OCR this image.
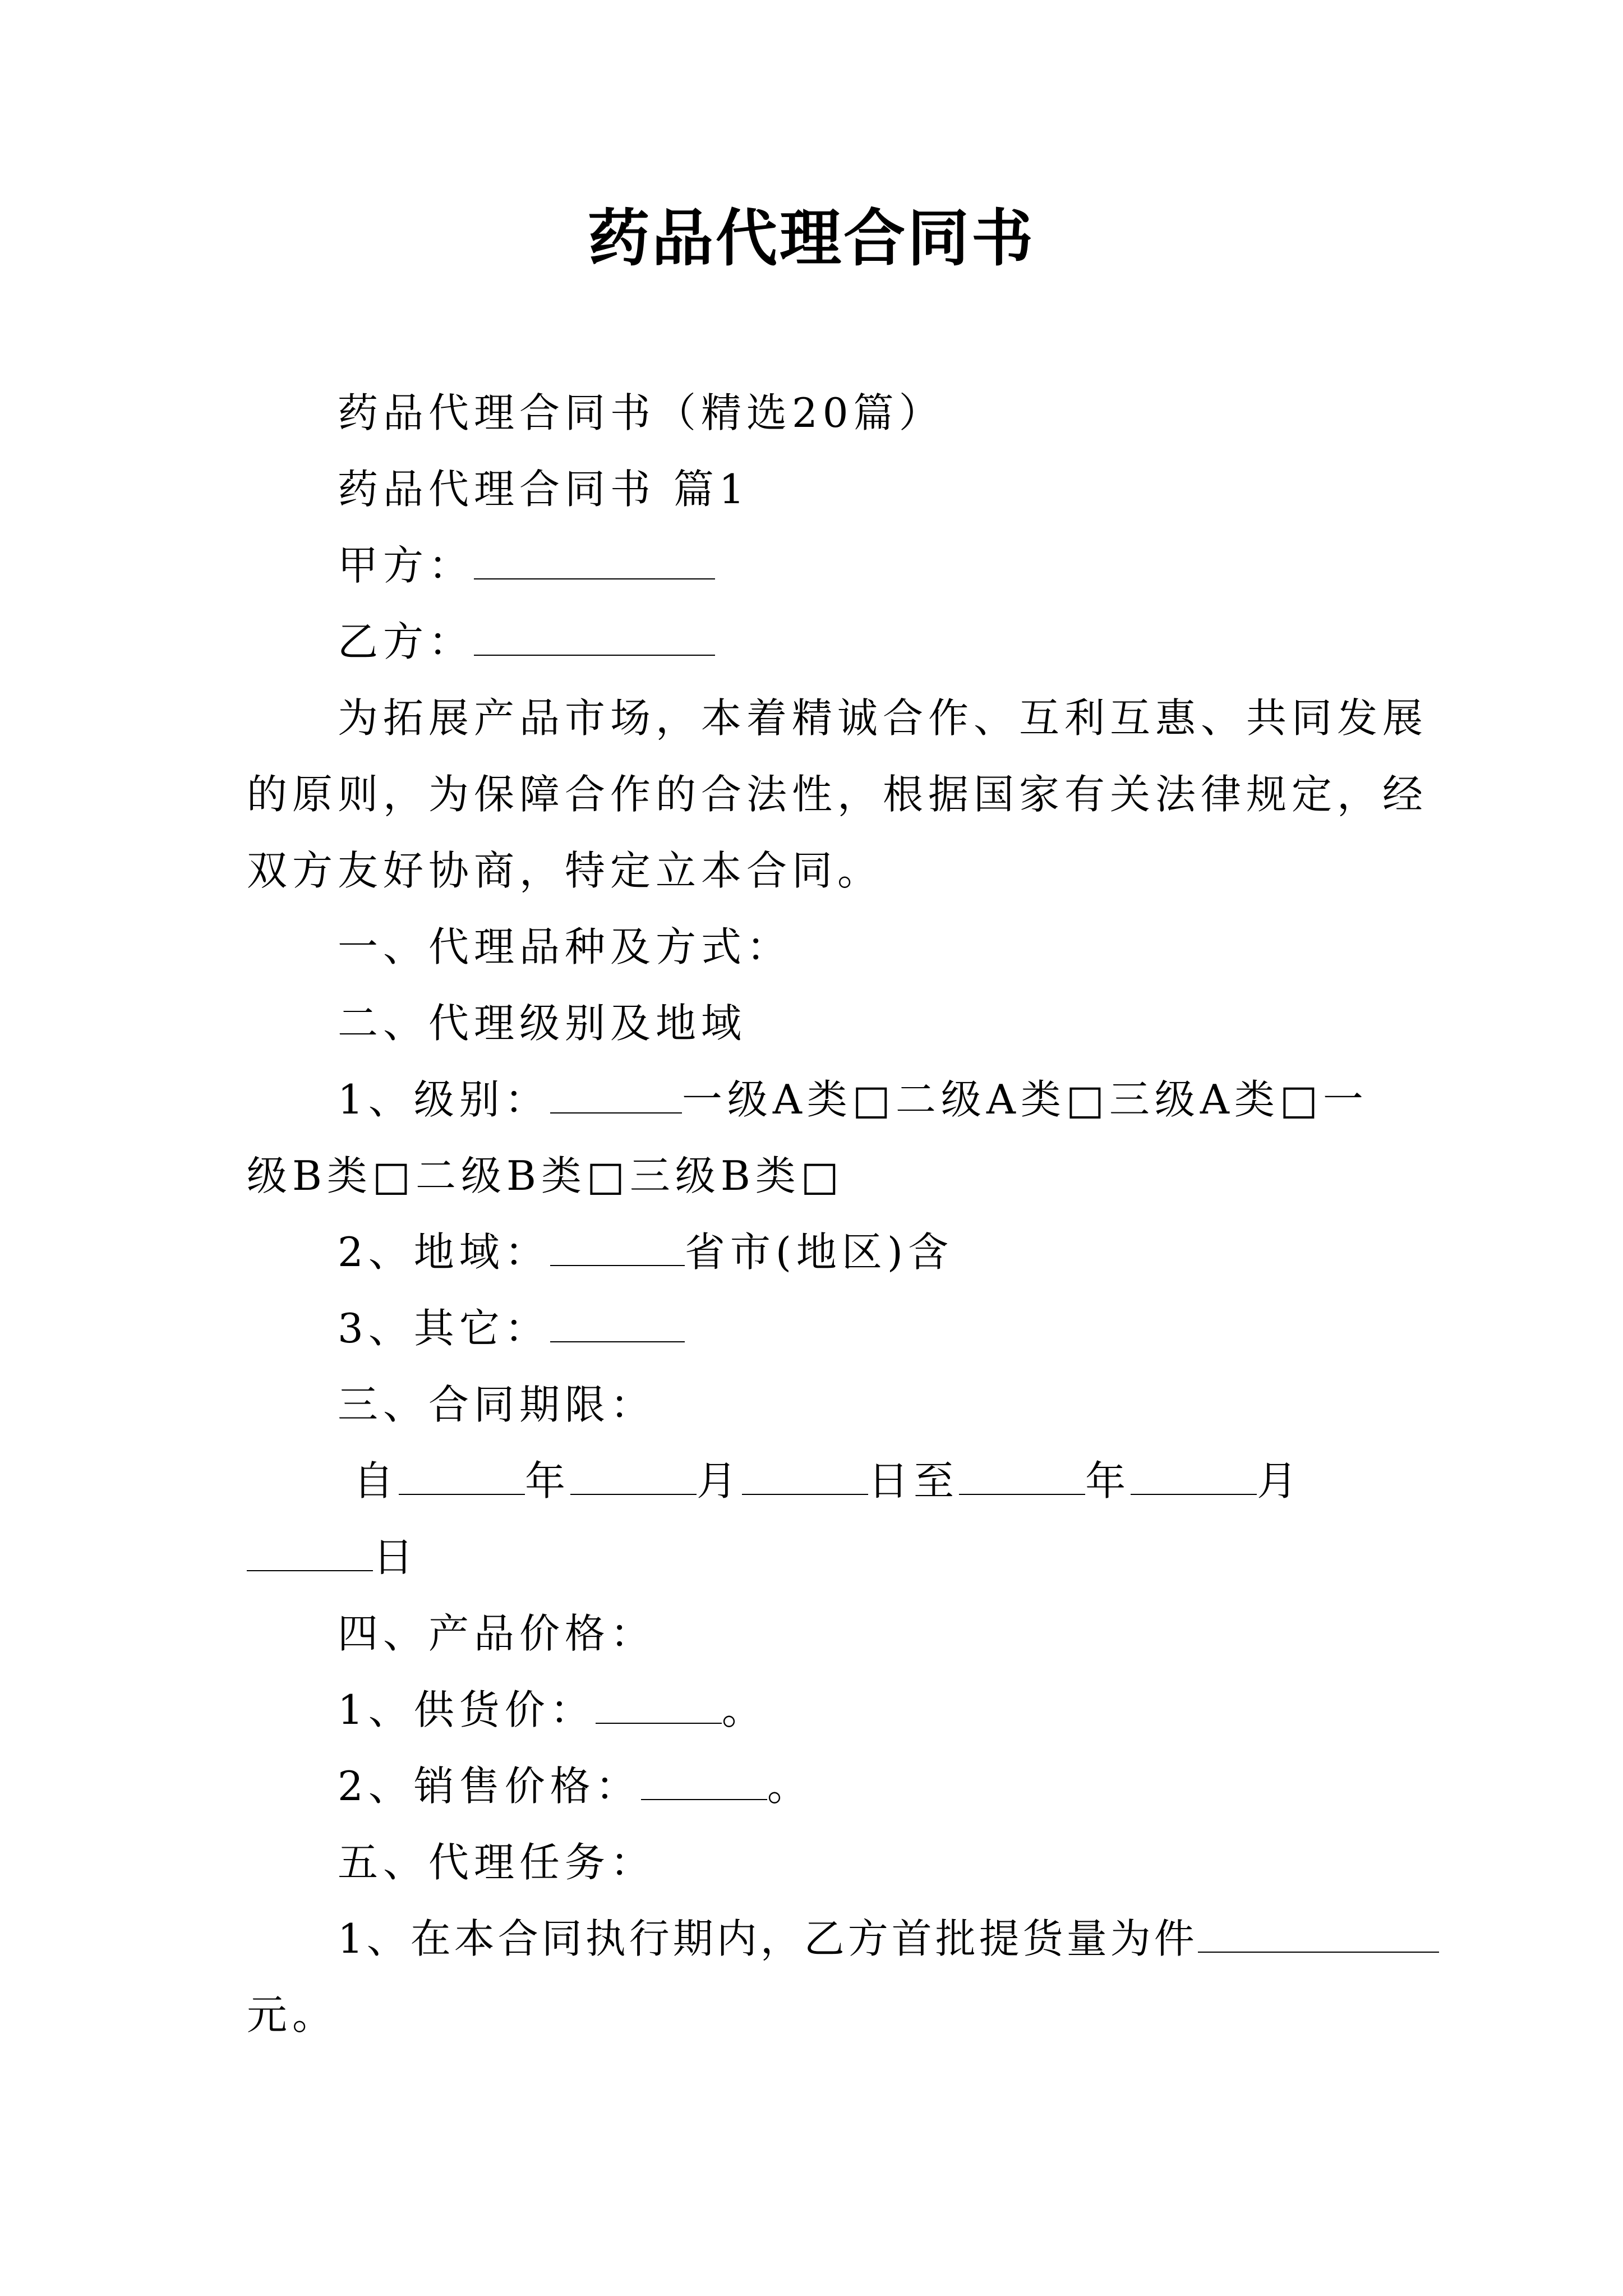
药品代理合同书
药品代理合同书（精选20篇）
药品代理合同书 篇1
甲方：
乙方：
为拓展产品市场，本着精诚合作、互利互惠、共同发展
的原则，为保障合作的合法性，根据国家有关法律规定，经
双方友好协商，特定立本合同。
一、代理品种及方式：
二、代理级别及地域
1、级别：	一级A类□二级A类□三级A类□一
级B类□二级B类□三级B类□
2、地域：	省市(地区)含
3、其它：
三、合同期限：
自	年	月	日至	年	月
日
四、产品价格：
1、供货价：	。
2、销售价格：	。
五、代理任务：
1、在本合同执行期内，乙方首批提货量为件
元。
